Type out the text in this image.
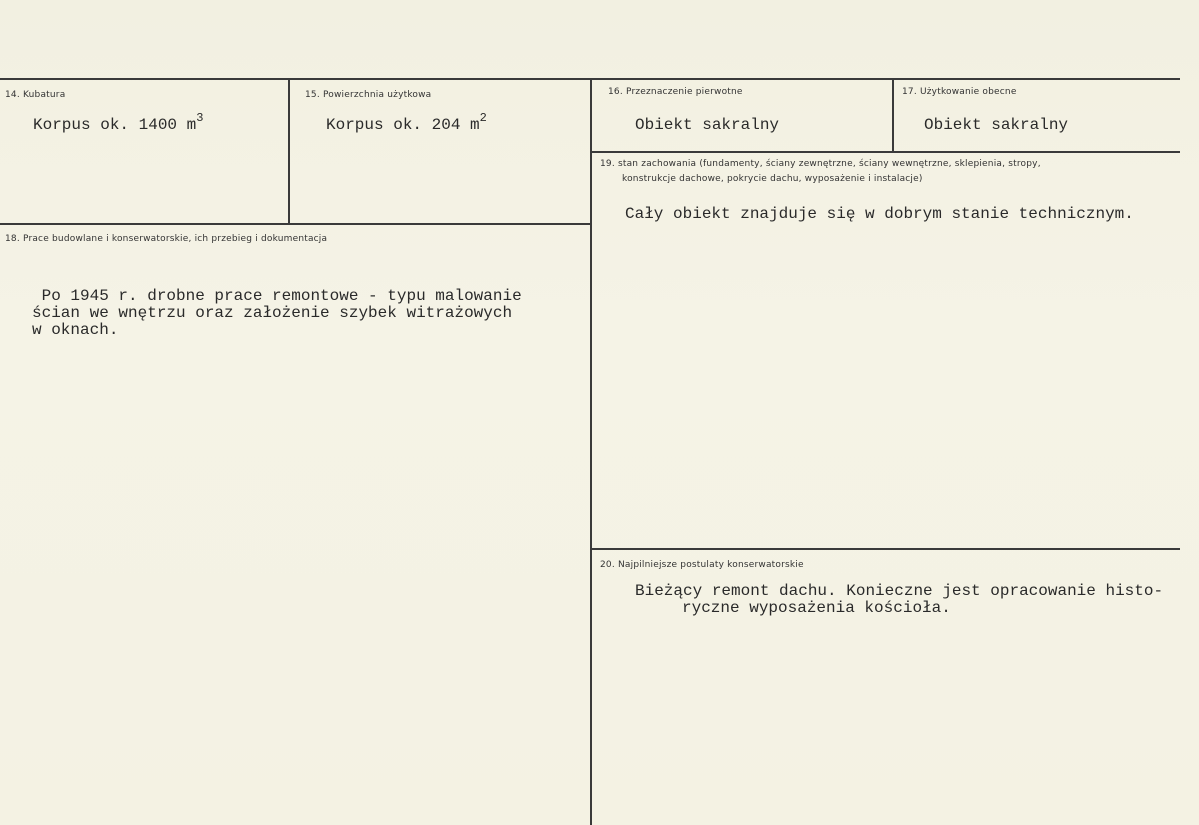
14. Kubatura
Korpus ok. 1400 $m^3$
15. Powierzchnia użytkowa
Korpus ok. 204 $m^2$
16. Przeznaczenie pierwotne
Obiekt sakralny
17. Użytkowanie obecne
Obiekt sakralny
18. Prace budowlane i konserwatorskie, ich przebieg i dokumentacja
Po 1945 r. drobne prace remontowe - typu malowanie
ścian we wnętrzu oraz założenie szybek witrażowych
w oknach.
19. stan zachowania (fundamenty, ściany zewnętrzne, ściany wewnętrzne, sklepienia, stropy,
konstrukcje dachowe, pokrycie dachu, wyposażenie i instalacje)
Cały obiekt znajduje się w dobrym stanie technicznym.
20. Najpilniejsze postulaty konserwatorskie
Bieżący remont dachu. Konieczne jest opracowanie histo-
ryczne wyposażenia kościoła.
